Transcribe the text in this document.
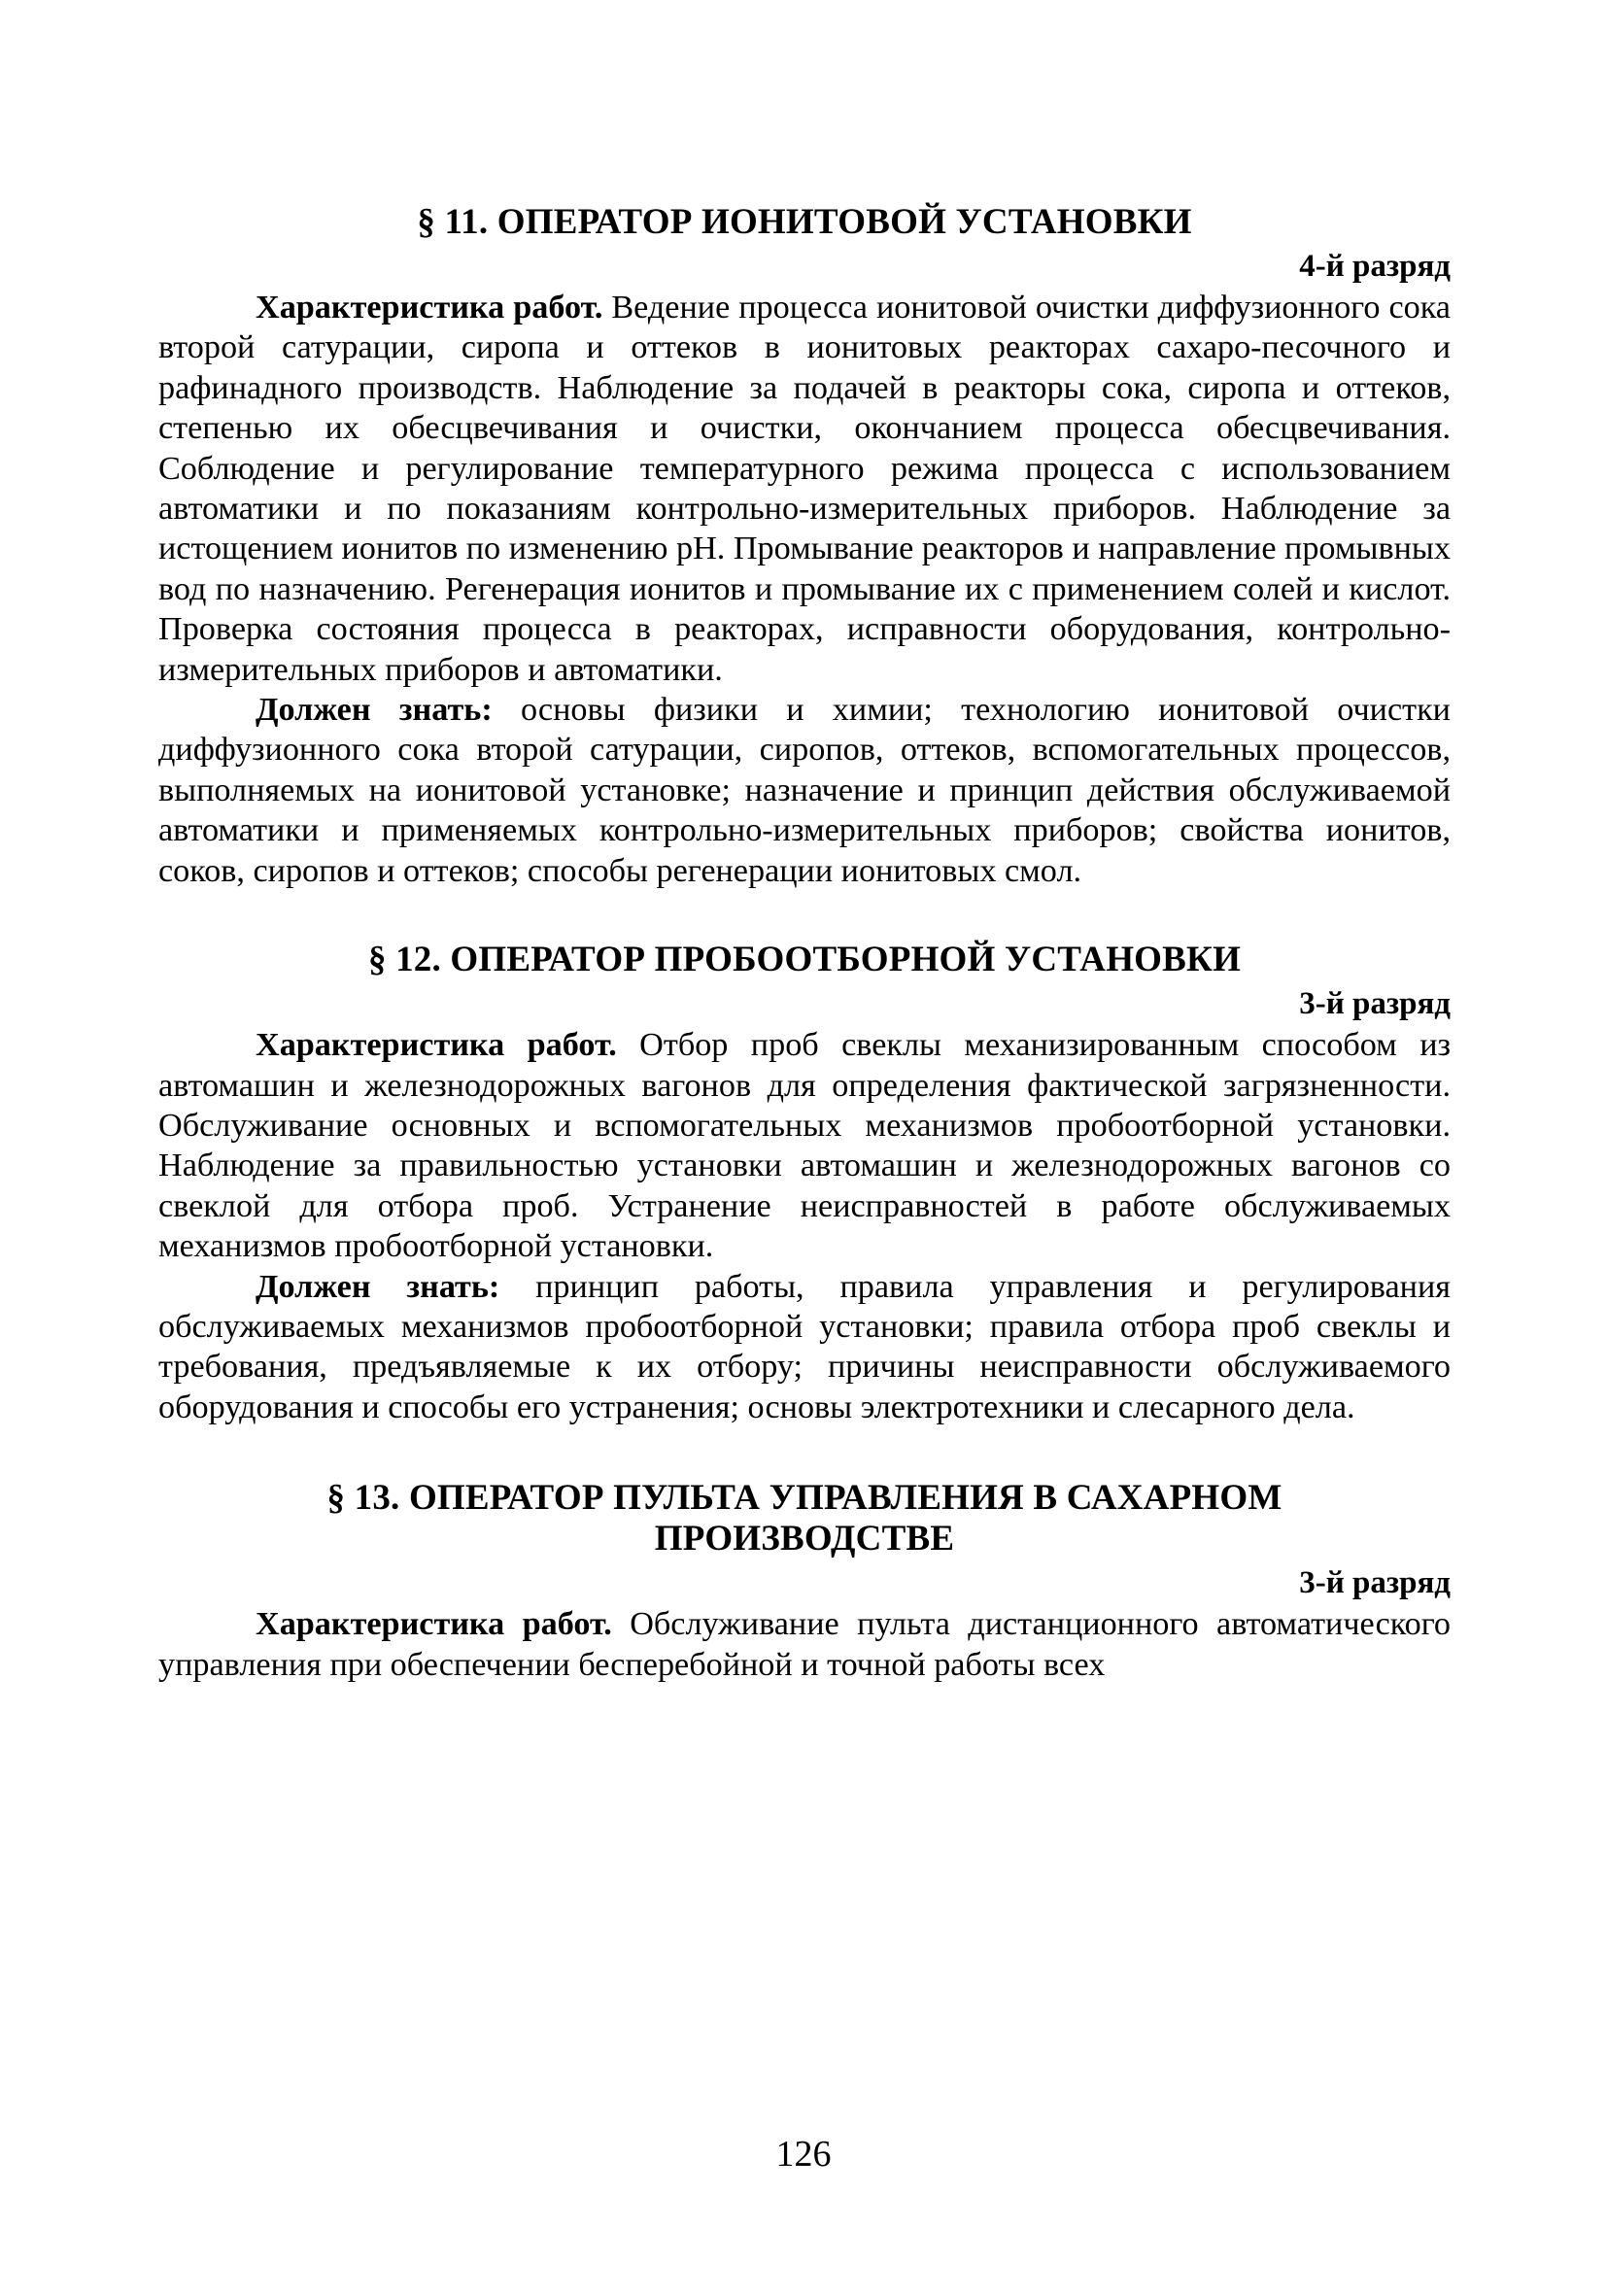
§ 11. ОПЕРАТОР ИОНИТОВОЙ УСТАНОВКИ
4-й разряд

Характеристика работ. Ведение процесса ионитовой очистки диффузионного сока второй сатурации, сиропа и оттеков в ионитовых реакторах сахаро-песочного и рафинадного производств. Наблюдение за подачей в реакторы сока, сиропа и оттеков, степенью их обесцвечивания и очистки, окончанием процесса обесцвечивания. Соблюдение и регулирование температурного режима процесса с использованием автоматики и по показаниям контрольно-измерительных приборов. Наблюдение за истощением ионитов по изменению рН. Промывание реакторов и направление промывных вод по назначению. Регенерация ионитов и промывание их с применением солей и кислот. Проверка состояния процесса в реакторах, исправности оборудования, контрольно-измерительных приборов и автоматики.

Должен знать: основы физики и химии; технологию ионитовой очистки диффузионного сока второй сатурации, сиропов, оттеков, вспомогательных процессов, выполняемых на ионитовой установке; назначение и принцип действия обслуживаемой автоматики и применяемых контрольно-измерительных приборов; свойства ионитов, соков, сиропов и оттеков; способы регенерации ионитовых смол.

§ 12. ОПЕРАТОР ПРОБООТБОРНОЙ УСТАНОВКИ
3-й разряд

Характеристика работ. Отбор проб свеклы механизированным способом из автомашин и железнодорожных вагонов для определения фактической загрязненности. Обслуживание основных и вспомогательных механизмов пробоотборной установки. Наблюдение за правильностью установки автомашин и железнодорожных вагонов со свеклой для отбора проб. Устранение неисправностей в работе обслуживаемых механизмов пробоотборной установки.

Должен знать: принцип работы, правила управления и регулирования обслуживаемых механизмов пробоотборной установки; правила отбора проб свеклы и требования, предъявляемые к их отбору; причины неисправности обслуживаемого оборудования и способы его устранения; основы электротехники и слесарного дела.

§ 13. ОПЕРАТОР ПУЛЬТА УПРАВЛЕНИЯ В САХАРНОМ
ПРОИЗВОДСТВЕ
3-й разряд

Характеристика работ. Обслуживание пульта дистанционного автоматического управления при обеспечении бесперебойной и точной работы всех

126
